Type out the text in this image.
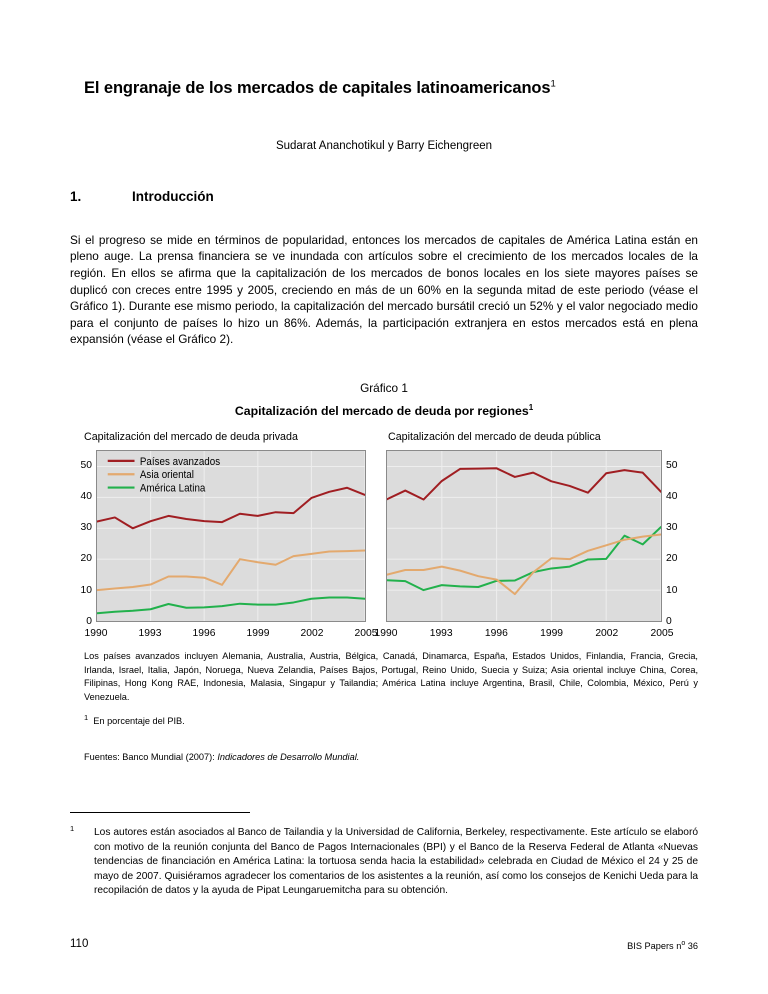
El engranaje de los mercados de capitales latinoamericanos$^1$
Sudarat Ananchotikul y Barry Eichengreen
1.	Introducción

Si el progreso se mide en términos de popularidad, entonces los mercados de capitales de América Latina están en pleno auge. La prensa financiera se ve inundada con artículos sobre el crecimiento de los mercados locales de la región. En ellos se afirma que la capitalización de los mercados de bonos locales en los siete mayores países se duplicó con creces entre 1995 y 2005, creciendo en más de un 60% en la segunda mitad de este periodo (véase el Gráfico 1). Durante ese mismo periodo, la capitalización del mercado bursátil creció un 52% y el valor negociado medio para el conjunto de países lo hizo un 86%. Además, la participación extranjera en estos mercados está en plena expansión (véase el Gráfico 2).

Gráfico 1
Capitalización del mercado de deuda por regiones$^1$
Capitalización del mercado de deuda privada	Capitalización del mercado de deuda pública
Países avanzados
Asia oriental
América Latina
0
10
20
30
40
50
1990	1993	1996	1999	2002	2005
0
10
20
30
40
50
1990	1993	1996	1999	2002	2005
Los países avanzados incluyen Alemania, Australia, Austria, Bélgica, Canadá, Dinamarca, España, Estados Unidos, Finlandia, Francia, Grecia, Irlanda, Israel, Italia, Japón, Noruega, Nueva Zelandia, Países Bajos, Portugal, Reino Unido, Suecia y Suiza; Asia oriental incluye China, Corea, Filipinas, Hong Kong RAE, Indonesia, Malasia, Singapur y Tailandia; América Latina incluye Argentina, Brasil, Chile, Colombia, México, Perú y Venezuela.
$^1$ En porcentaje del PIB.
Fuentes: Banco Mundial (2007): Indicadores de Desarrollo Mundial.
1 Los autores están asociados al Banco de Tailandia y la Universidad de California, Berkeley, respectivamente. Este artículo se elaboró con motivo de la reunión conjunta del Banco de Pagos Internacionales (BPI) y el Banco de la Reserva Federal de Atlanta «Nuevas tendencias de financiación en América Latina: la tortuosa senda hacia la estabilidad» celebrada en Ciudad de México el 24 y 25 de mayo de 2007. Quisiéramos agradecer los comentarios de los asistentes a la reunión, así como los consejos de Kenichi Ueda para la recopilación de datos y la ayuda de Pipat Leungaruemitcha para su obtención.
110	BIS Papers $n^o$ 36
